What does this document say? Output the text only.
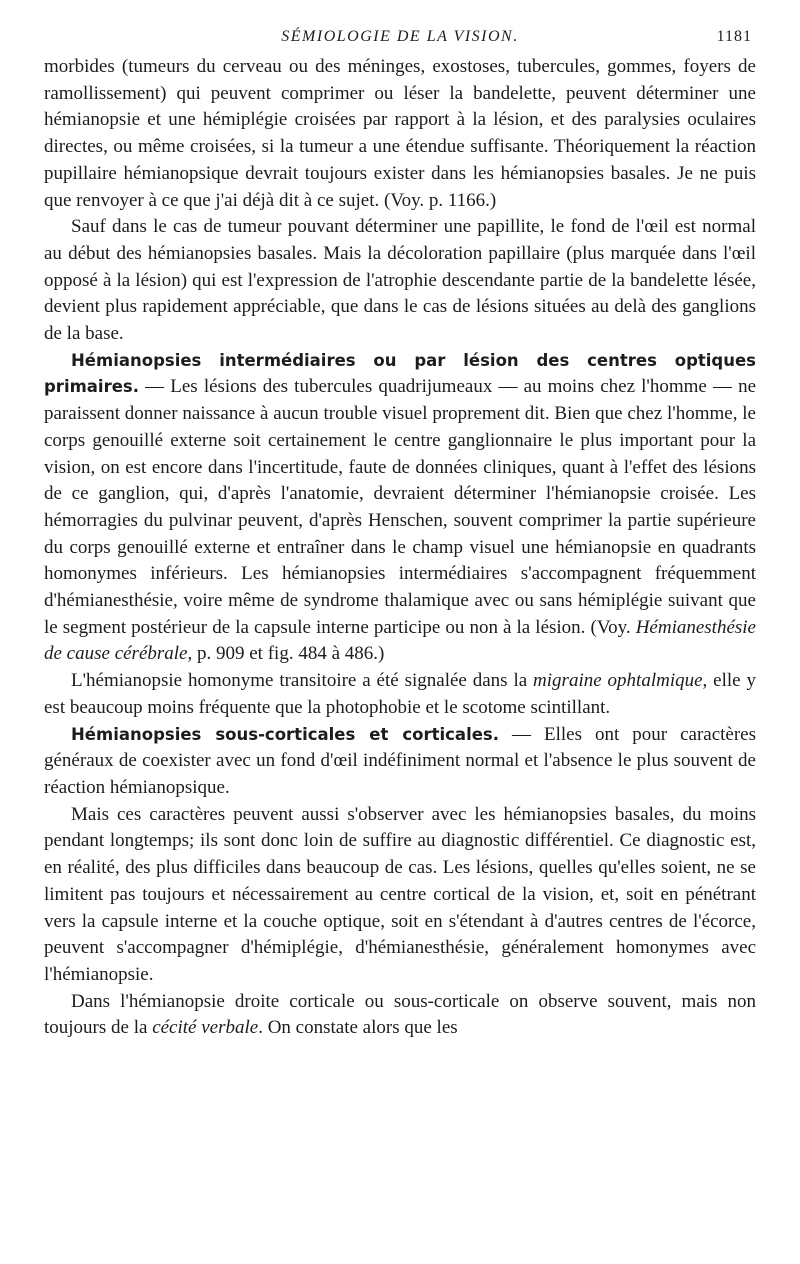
SÉMIOLOGIE DE LA VISION.	1181

morbides (tumeurs du cerveau ou des méninges, exostoses, tubercules, gommes, foyers de ramollissement) qui peuvent comprimer ou léser la bandelette, peuvent déterminer une hémianopsie et une hémiplégie croisées par rapport à la lésion, et des paralysies oculaires directes, ou même croisées, si la tumeur a une étendue suffisante. Théoriquement la réaction pupillaire hémianopsique devrait toujours exister dans les hémianopsies basales. Je ne puis que renvoyer à ce que j'ai déjà dit à ce sujet. (Voy. p. 1166.)

Sauf dans le cas de tumeur pouvant déterminer une papillite, le fond de l'œil est normal au début des hémianopsies basales. Mais la décoloration papillaire (plus marquée dans l'œil opposé à la lésion) qui est l'expression de l'atrophie descendante partie de la bandelette lésée, devient plus rapidement appréciable, que dans le cas de lésions situées au delà des ganglions de la base.

Hémianopsies intermédiaires ou par lésion des centres optiques primaires. — Les lésions des tubercules quadrijumeaux — au moins chez l'homme — ne paraissent donner naissance à aucun trouble visuel proprement dit. Bien que chez l'homme, le corps genouillé externe soit certainement le centre ganglionnaire le plus important pour la vision, on est encore dans l'incertitude, faute de données cliniques, quant à l'effet des lésions de ce ganglion, qui, d'après l'anatomie, devraient déterminer l'hémianopsie croisée. Les hémorragies du pulvinar peuvent, d'après Henschen, souvent comprimer la partie supérieure du corps genouillé externe et entraîner dans le champ visuel une hémianopsie en quadrants homonymes inférieurs. Les hémianopsies intermédiaires s'accompagnent fréquemment d'hémianesthésie, voire même de syndrome thalamique avec ou sans hémiplégie suivant que le segment postérieur de la capsule interne participe ou non à la lésion. (Voy. Hémianesthésie de cause cérébrale, p. 909 et fig. 484 à 486.)

L'hémianopsie homonyme transitoire a été signalée dans la migraine ophtalmique, elle y est beaucoup moins fréquente que la photophobie et le scotome scintillant.

Hémianopsies sous-corticales et corticales. — Elles ont pour caractères généraux de coexister avec un fond d'œil indéfiniment normal et l'absence le plus souvent de réaction hémianopsique.

Mais ces caractères peuvent aussi s'observer avec les hémianopsies basales, du moins pendant longtemps; ils sont donc loin de suffire au diagnostic différentiel. Ce diagnostic est, en réalité, des plus difficiles dans beaucoup de cas. Les lésions, quelles qu'elles soient, ne se limitent pas toujours et nécessairement au centre cortical de la vision, et, soit en pénétrant vers la capsule interne et la couche optique, soit en s'étendant à d'autres centres de l'écorce, peuvent s'accompagner d'hémiplégie, d'hémianesthésie, généralement homonymes avec l'hémianopsie.

Dans l'hémianopsie droite corticale ou sous-corticale on observe souvent, mais non toujours de la cécité verbale. On constate alors que les
